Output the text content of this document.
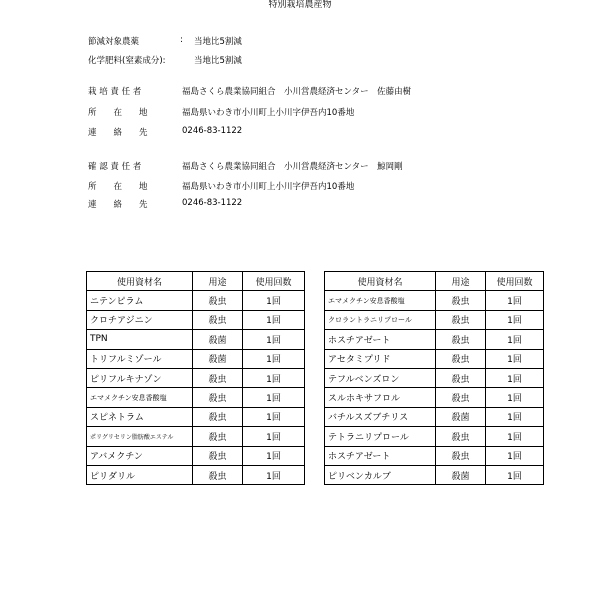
特別栽培農産物
節減対象農薬	: 当地比5割減
化学肥料(窒素成分):	当地比5割減
栽 培 責 任 者	福島さくら農業協同組合　小川営農経済センター　佐藤由樹
所　　在　　地	福島県いわき市小川町上小川字伊吾内10番地
連　　絡　　先	0246-83-1122
確 認 責 任 者	福島さくら農業協同組合　小川営農経済センター　鯨岡剛
所　　在　　地	福島県いわき市小川町上小川字伊吾内10番地
連　　絡　　先	0246-83-1122
使用資材名	用途	使用回数
ニテンピラム	殺虫	1回
クロチアジニン	殺虫	1回
TPN	殺菌	1回
トリフルミゾール	殺菌	1回
ピリフルキナゾン	殺虫	1回
エマメクチン安息香酸塩	殺虫	1回
スピネトラム	殺虫	1回
ポリグリセリン脂肪酸エステル	殺虫	1回
アバメクチン	殺虫	1回
ピリダリル	殺虫	1回
使用資材名	用途	使用回数
エマメクチン安息香酸塩	殺虫	1回
クロラントラニリプロール	殺虫	1回
ホスチアゼート	殺虫	1回
アセタミプリド	殺虫	1回
テフルベンズロン	殺虫	1回
スルホキサフロル	殺虫	1回
バチルスズブチリス	殺菌	1回
テトラニリプロール	殺虫	1回
ホスチアゼート	殺虫	1回
ピリベンカルブ	殺菌	1回
